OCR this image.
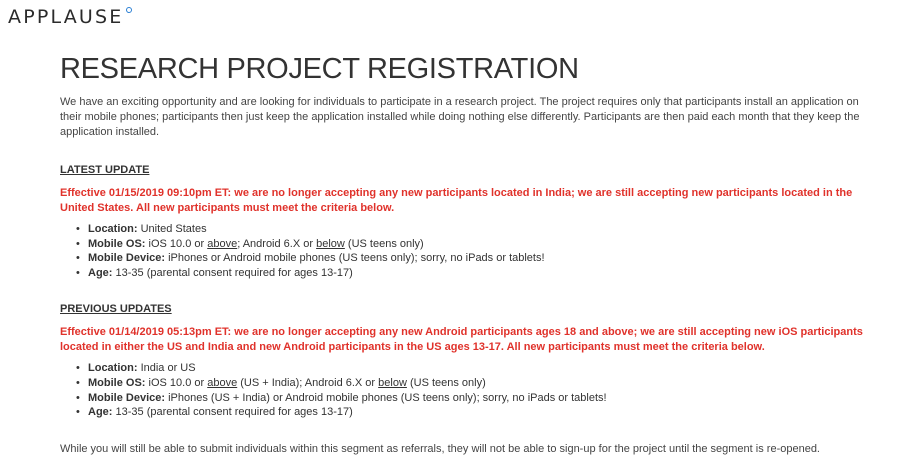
APPLAUSE
RESEARCH PROJECT REGISTRATION

We have an exciting opportunity and are looking for individuals to participate in a research project. The project requires only that participants install an application on their mobile phones; participants then just keep the application installed while doing nothing else differently. Participants are then paid each month that they keep the application installed.

LATEST UPDATE
Effective 01/15/2019 09:10pm ET: we are no longer accepting any new participants located in India; we are still accepting new participants located in the United States. All new participants must meet the criteria below.
• Location: United States
• Mobile OS: iOS 10.0 or above; Android 6.X or below (US teens only)
• Mobile Device: iPhones or Android mobile phones (US teens only); sorry, no iPads or tablets!
• Age: 13-35 (parental consent required for ages 13-17)
PREVIOUS UPDATES
Effective 01/14/2019 05:13pm ET: we are no longer accepting any new Android participants ages 18 and above; we are still accepting new iOS participants located in either the US and India and new Android participants in the US ages 13-17. All new participants must meet the criteria below.
• Location: India or US
• Mobile OS: iOS 10.0 or above (US + India); Android 6.X or below (US teens only)
• Mobile Device: iPhones (US + India) or Android mobile phones (US teens only); sorry, no iPads or tablets!
• Age: 13-35 (parental consent required for ages 13-17)

While you will still be able to submit individuals within this segment as referrals, they will not be able to sign-up for the project until the segment is re-opened.
